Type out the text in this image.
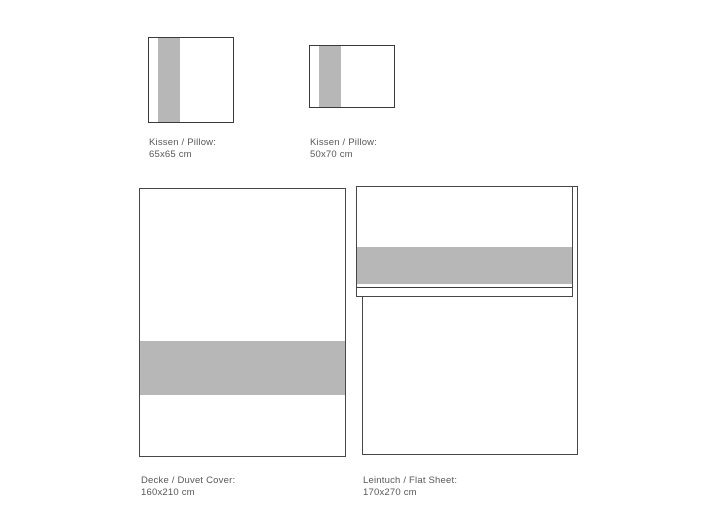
Kissen / Pillow:
65x65 cm
Kissen / Pillow:
50x70 cm
Decke / Duvet Cover:
160x210 cm
Leintuch / Flat Sheet:
170x270 cm
